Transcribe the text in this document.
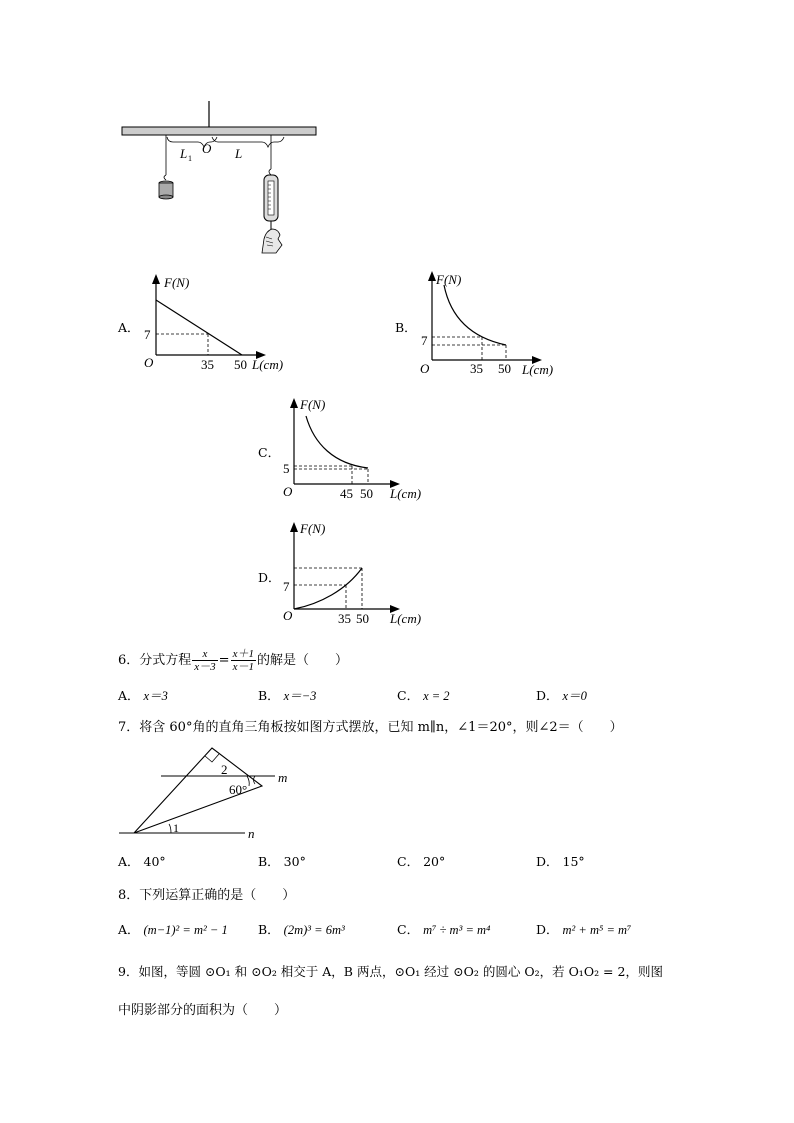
L 1
O L
A．
F(N)
7
O	35 50 L(cm)
B．
F(N)
7
O	35 50 L(cm)
C．
F(N)
5
O	45 50 L(cm)
D．
F(N)
7
O	35 50 L(cm)
6．分式方程 $\frac{x}{x-3} = \frac{x+1}{x-1}$ 的解是（　　）
A． x＝3	B． x＝−3	C． x = 2	D． x＝0
7．将含 60°角的直角三角板按如图方式摆放，已知 m∥n，∠1＝20°，则∠2＝（　　）
m
n
2
60°
1
A． 40°	B． 30°	C． 20°	D． 15°
8．下列运算正确的是（　　）
A． (m−1)² = m² − 1 B． (2m)³ = 6m³	C． m⁷ ÷ m³ = m⁴	D． m² + m⁵ = m⁷
9．如图，等圆 ⊙O₁ 和 ⊙O₂ 相交于 A，B 两点，⊙O₁ 经过 ⊙O₂ 的圆心 O₂，若 O₁O₂ = 2，则图
中阴影部分的面积为（　　）
